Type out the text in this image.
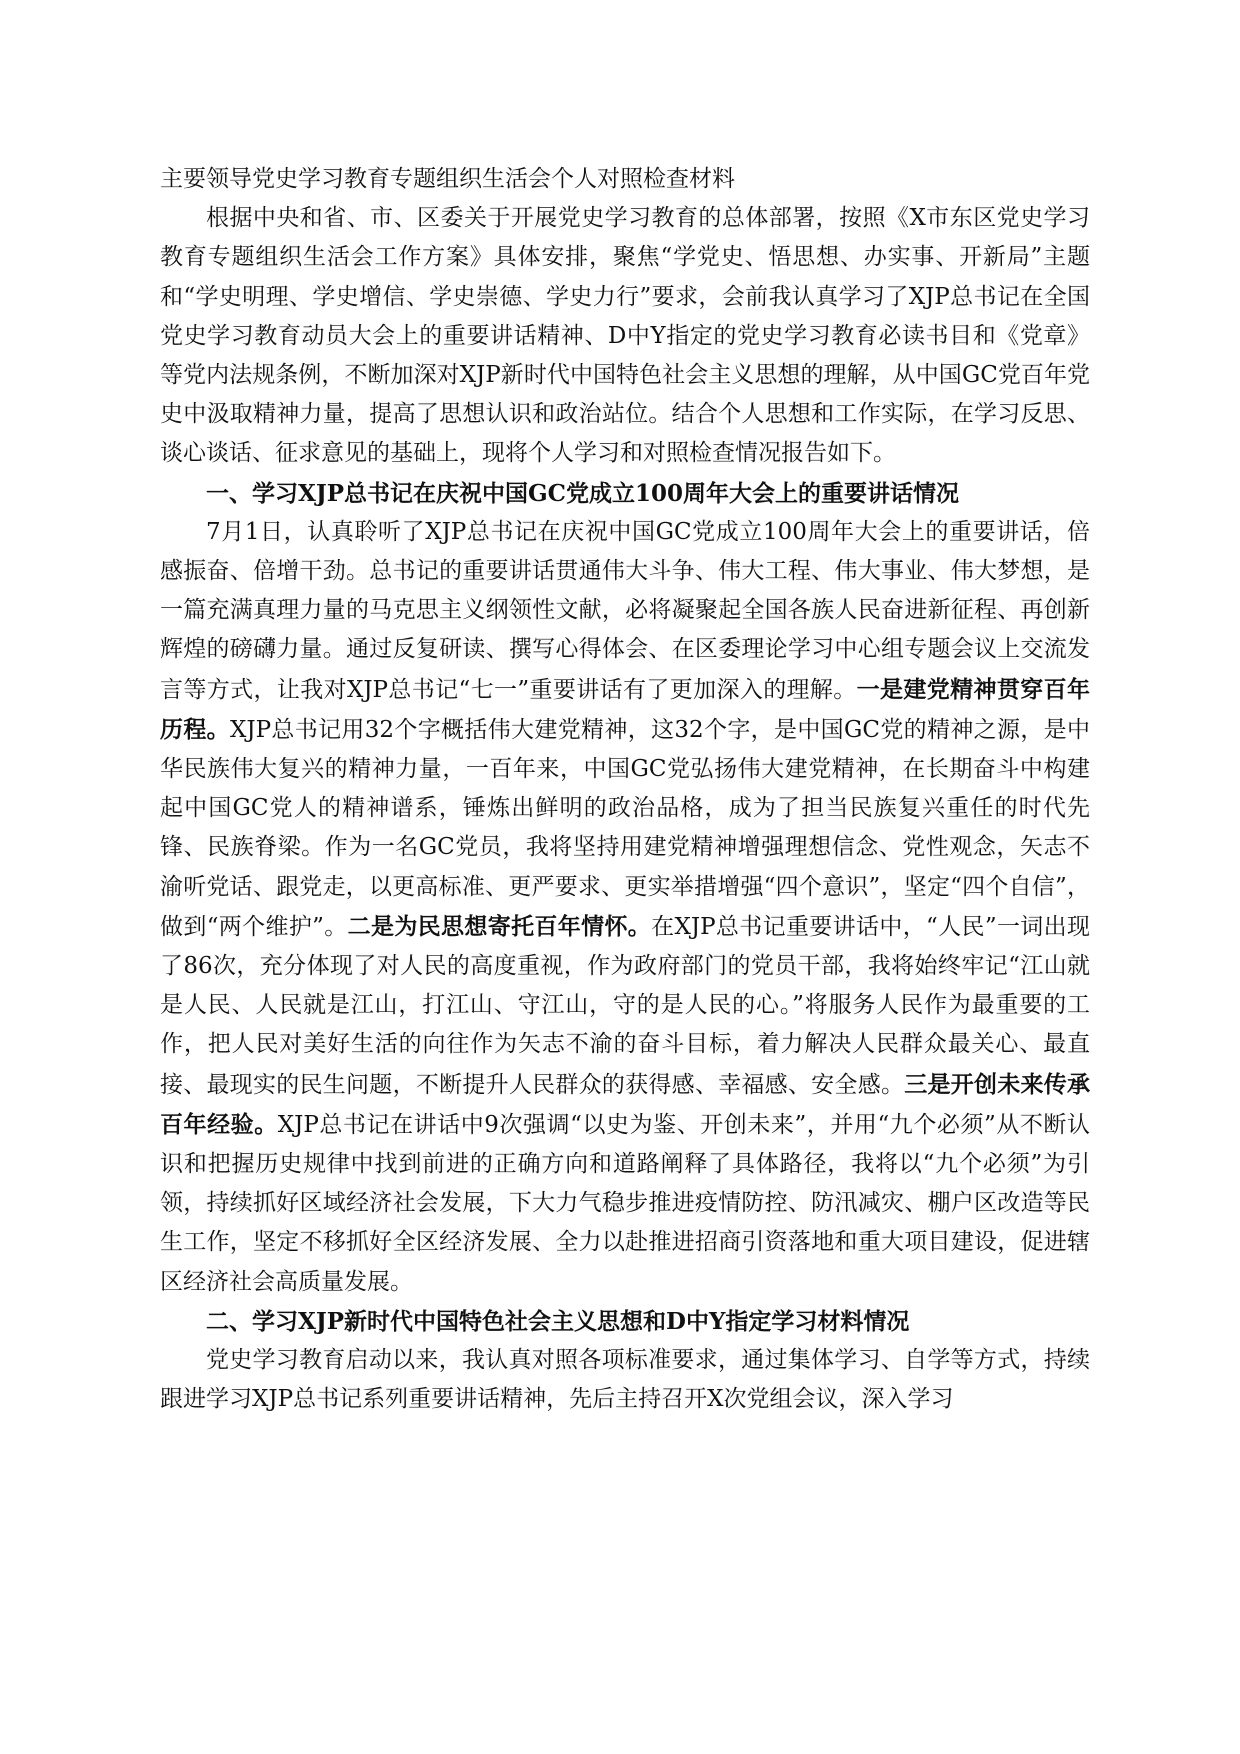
主要领导党史学习教育专题组织生活会个人对照检查材料

根据中央和省、市、区委关于开展党史学习教育的总体部署，按照《X市东区党史学习教育专题组织生活会工作方案》具体安排，聚焦“学党史、悟思想、办实事、开新局”主题和“学史明理、学史增信、学史崇德、学史力行”要求，会前我认真学习了XJP总书记在全国党史学习教育动员大会上的重要讲话精神、D中Y指定的党史学习教育必读书目和《党章》等党内法规条例，不断加深对XJP新时代中国特色社会主义思想的理解，从中国GC党百年党史中汲取精神力量，提高了思想认识和政治站位。结合个人思想和工作实际，在学习反思、谈心谈话、征求意见的基础上，现将个人学习和对照检查情况报告如下。

一、学习XJP总书记在庆祝中国GC党成立100周年大会上的重要讲话情况

7月1日，认真聆听了XJP总书记在庆祝中国GC党成立100周年大会上的重要讲话，倍感振奋、倍增干劲。总书记的重要讲话贯通伟大斗争、伟大工程、伟大事业、伟大梦想，是一篇充满真理力量的马克思主义纲领性文献，必将凝聚起全国各族人民奋进新征程、再创新辉煌的磅礴力量。通过反复研读、撰写心得体会、在区委理论学习中心组专题会议上交流发言等方式，让我对XJP总书记“七一”重要讲话有了更加深入的理解。一是建党精神贯穿百年历程。XJP总书记用32个字概括伟大建党精神，这32个字，是中国GC党的精神之源，是中华民族伟大复兴的精神力量，一百年来，中国GC党弘扬伟大建党精神，在长期奋斗中构建起中国GC党人的精神谱系，锤炼出鲜明的政治品格，成为了担当民族复兴重任的时代先锋、民族脊梁。作为一名GC党员，我将坚持用建党精神增强理想信念、党性观念，矢志不渝听党话、跟党走，以更高标准、更严要求、更实举措增强“四个意识”，坚定“四个自信”，做到“两个维护”。二是为民思想寄托百年情怀。在XJP总书记重要讲话中，“人民”一词出现了86次，充分体现了对人民的高度重视，作为政府部门的党员干部，我将始终牢记“江山就是人民、人民就是江山，打江山、守江山，守的是人民的心。”将服务人民作为最重要的工作，把人民对美好生活的向往作为矢志不渝的奋斗目标，着力解决人民群众最关心、最直接、最现实的民生问题，不断提升人民群众的获得感、幸福感、安全感。三是开创未来传承百年经验。XJP总书记在讲话中9次强调“以史为鉴、开创未来”，并用“九个必须”从不断认识和把握历史规律中找到前进的正确方向和道路阐释了具体路径，我将以“九个必须”为引领，持续抓好区域经济社会发展，下大力气稳步推进疫情防控、防汛减灾、棚户区改造等民生工作，坚定不移抓好全区经济发展、全力以赴推进招商引资落地和重大项目建设，促进辖区经济社会高质量发展。

二、学习XJP新时代中国特色社会主义思想和D中Y指定学习材料情况

党史学习教育启动以来，我认真对照各项标准要求，通过集体学习、自学等方式，持续跟进学习XJP总书记系列重要讲话精神，先后主持召开X次党组会议，深入学习
